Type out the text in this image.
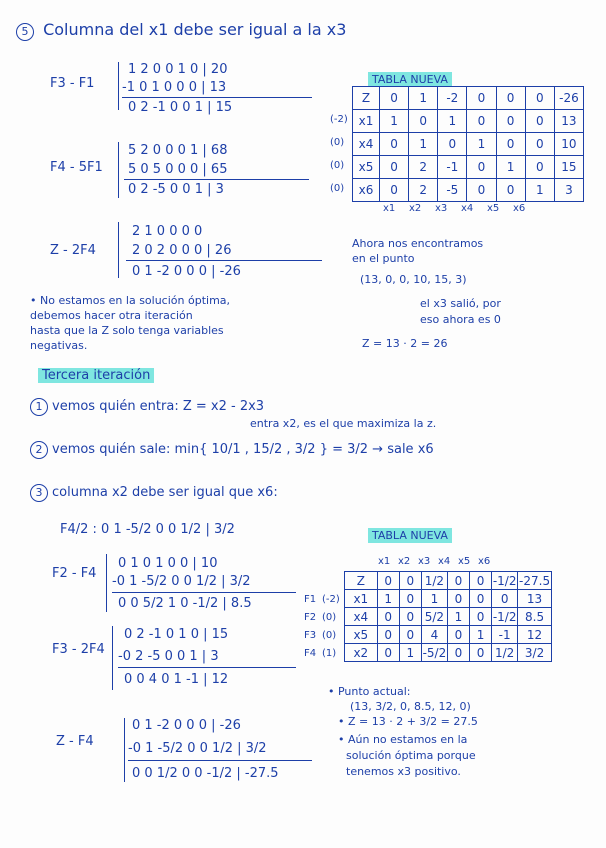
5 Columna del x1 debe ser igual a la x3
F3 - F1
1 2 0 0 1 0 | 20
-1 0 1 0 0 0 | 13
0 2 -1 0 0 1 | 15
F4 - 5F1
5 2 0 0 0 1 | 68
5 0 5 0 0 0 | 65
0 2 -5 0 0 1 | 3
Z - 2F4
2 1 0 0 0 0
2 0 2 0 0 0 | 26
0 1 -2 0 0 0 | -26
TABLA NUEVA
Z	0	1	-2	0	0	0	-26
x1	1	0	1	0	0	0	13
x4	0	1	0	1	0	0	10
x5	0	2	-1	0	1	0	15
x6	0	2	-5	0	0	1	3
(-2)
(0)
(0)
(0)
x1 x2 x3 x4 x5 x6
Ahora nos encontramos
en el punto
(13, 0, 0, 10, 15, 3)
el x3 salió, por
eso ahora es 0
Z = 13 · 2 = 26
• No estamos en la solución óptima,
debemos hacer otra iteración
hasta que la Z solo tenga variables
negativas.
Tercera iteración
1 vemos quién entra: Z = x2 - 2x3
entra x2, es el que maximiza la z.
2 vemos quién sale: min{ 10/1 , 15/2 , 3/2 } = 3/2 → sale x6
3 columna x2 debe ser igual que x6:
F4/2 : 0 1 -5/2 0 0 1/2 | 3/2
F2 - F4
0 1 0 1 0 0 | 10
-0 1 -5/2 0 0 1/2 | 3/2
0 0 5/2 1 0 -1/2 | 8.5
F3 - 2F4
0 2 -1 0 1 0 | 15
-0 2 -5 0 0 1 | 3
0 0 4 0 1 -1 | 12
Z - F4
0 1 -2 0 0 0 | -26
-0 1 -5/2 0 0 1/2 | 3/2
0 0 1/2 0 0 -1/2 | -27.5
TABLA NUEVA
Z	0	0	1/2	0	0	-1/2	-27.5
x1	1	0	1	0	0	0	13
x4	0	0	5/2	1	0	-1/2	8.5
x5	0	0	4	0	1	-1	12
x2	0	1	-5/2	0	0	1/2	3/2
(-2)
F1
(0)
F2
(0)
F3
(1)
F4
x1 x2 x3 x4 x5 x6
• Punto actual:
(13, 3/2, 0, 8.5, 12, 0)
• Z = 13 · 2 + 3/2 = 27.5
• Aún no estamos en la
solución óptima porque
tenemos x3 positivo.
